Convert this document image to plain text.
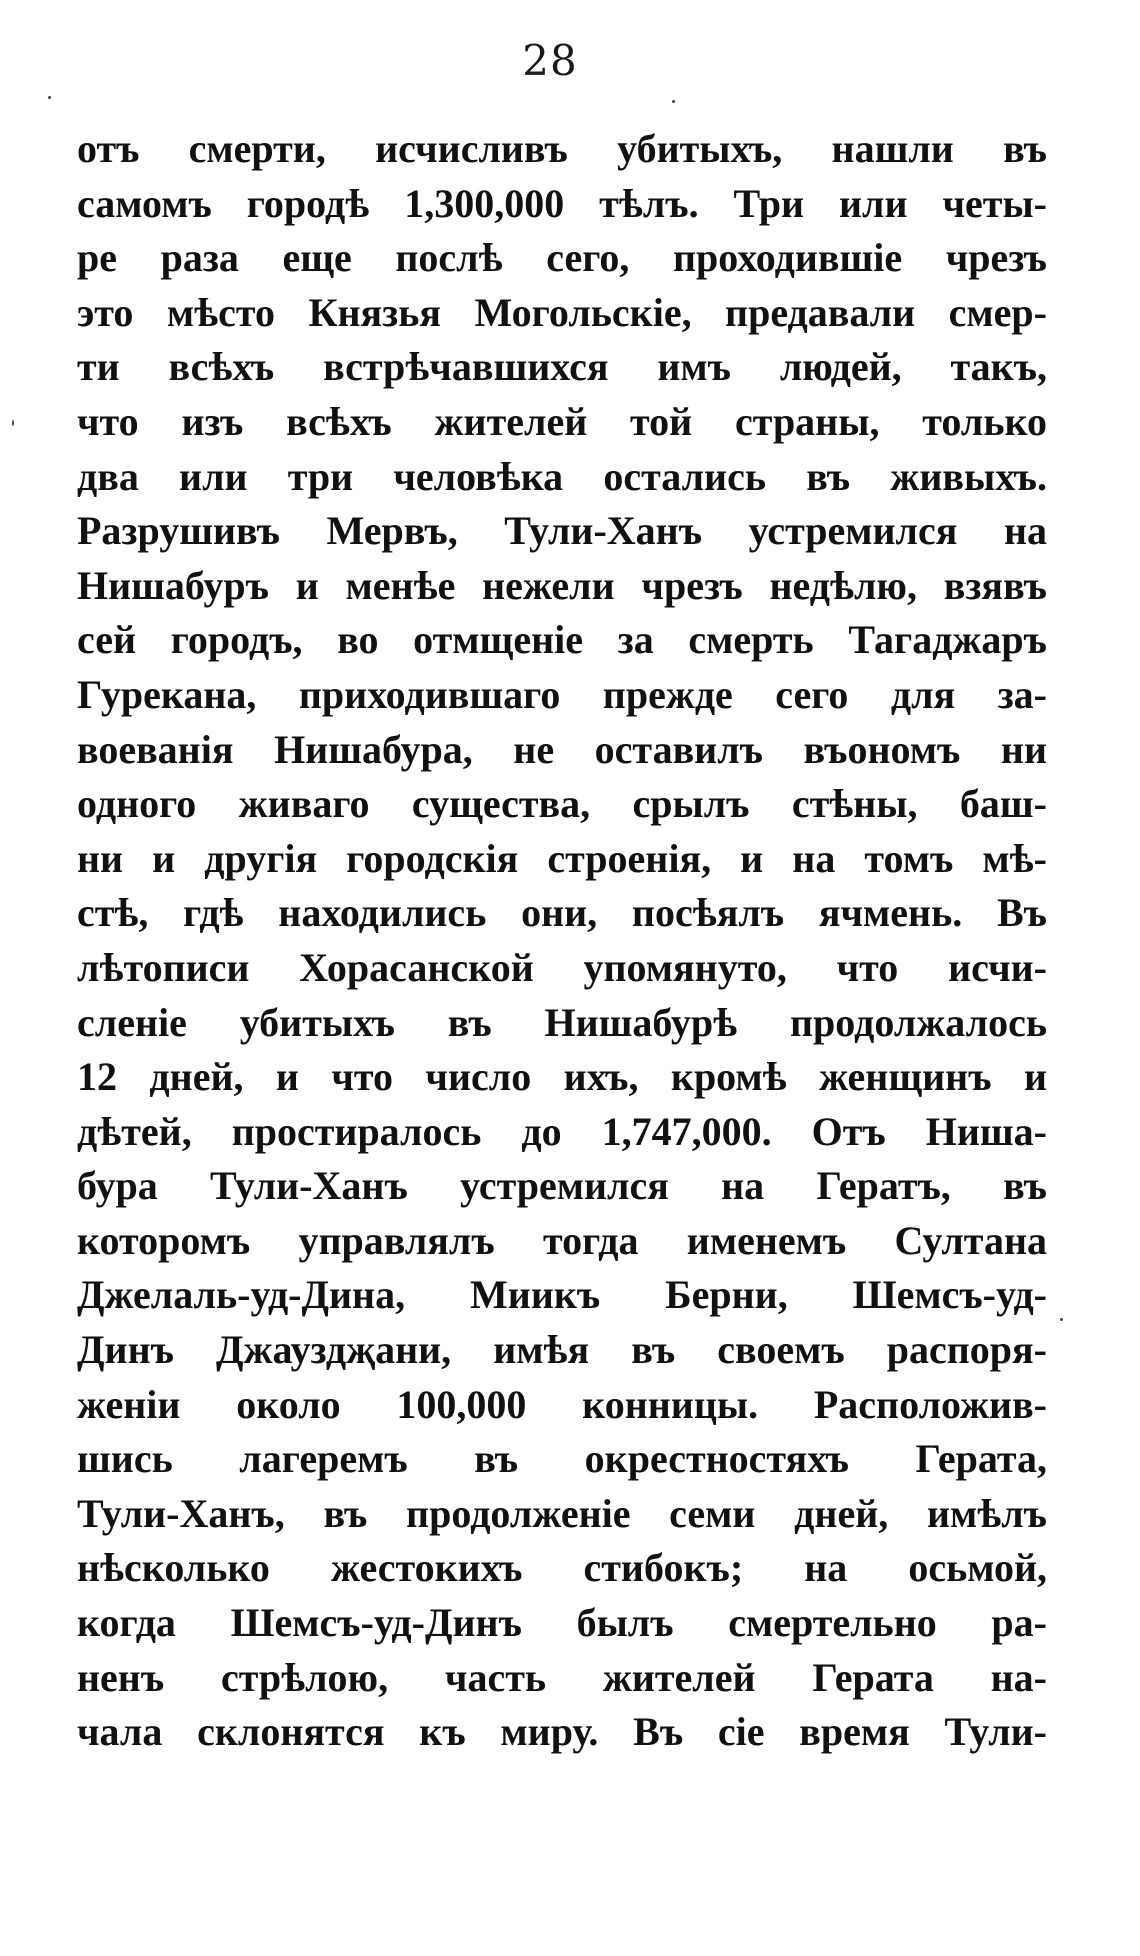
28
отъ смерти, исчисливъ убитыхъ, нашли въ
самомъ городѣ 1,300,000 тѣлъ. Три или четы-
ре раза еще послѣ сего, проходившіе чрезъ
это мѣсто Князья Могольскіе, предавали смер-
ти всѣхъ встрѣчавшихся имъ людей, такъ,
что изъ всѣхъ жителей той страны, только
два или три человѣка остались въ живыхъ.
Разрушивъ Мервъ, Тули-Ханъ устремился на
Нишабуръ и менѣе нежели чрезъ недѣлю, взявъ
сей городъ, во отмщеніе за смерть Тагаджаръ
Гурекана, приходившаго прежде сего для за-
воеванія Нишабура, не оставилъ въономъ ни
одного живаго существа, срылъ стѣны, баш-
ни и другія городскія строенія, и на томъ мѣ-
стѣ, гдѣ находились они, посѣялъ ячмень. Въ
лѣтописи Хорасанской упомянуто, что исчи-
сленіе убитыхъ въ Нишабурѣ продолжалось
12 дней, и что число ихъ, кромѣ женщинъ и
дѣтей, простиралось до 1,747,000. Отъ Ниша-
бура Тули-Ханъ устремился на Гератъ, въ
которомъ управлялъ тогда именемъ Султана
Джелаль-уд-Дина, Миикъ Берни, Шемсъ-уд-
Динъ Джауздҗани, имѣя въ своемъ распоря-
женіи около 100,000 конницы. Расположив-
шись лагеремъ въ окрестностяхъ Герата,
Тули-Ханъ, въ продолженіе семи дней, имѣлъ
нѣсколько жестокихъ стибокъ; на осьмой,
когда Шемсъ-уд-Динъ былъ смертельно ра-
ненъ стрѣлою, часть жителей Герата на-
чала склонятся къ миру. Въ сіе время Тули-
